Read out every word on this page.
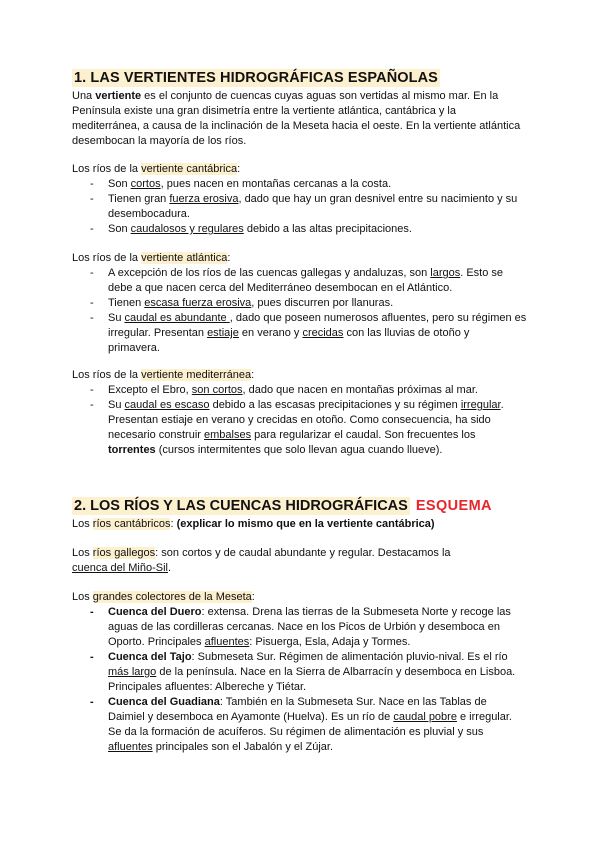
1. LAS VERTIENTES HIDROGRÁFICAS ESPAÑOLAS
Una vertiente es el conjunto de cuencas cuyas aguas son vertidas al mismo mar. En la
Península existe una gran disimetría entre la vertiente atlántica, cantábrica y la
mediterránea, a causa de la inclinación de la Meseta hacia el oeste. En la vertiente atlántica
desembocan la mayoría de los ríos.
Los ríos de la vertiente cantábrica:
- Son cortos, pues nacen en montañas cercanas a la costa.
- Tienen gran fuerza erosiva, dado que hay un gran desnivel entre su nacimiento y su
desembocadura.
- Son caudalosos y regulares debido a las altas precipitaciones.
Los ríos de la vertiente atlántica:
- A excepción de los ríos de las cuencas gallegas y andaluzas, son largos. Esto se
debe a que nacen cerca del Mediterráneo desembocan en el Atlántico.
- Tienen escasa fuerza erosiva, pues discurren por llanuras.
- Su caudal es abundante , dado que poseen numerosos afluentes, pero su régimen es
irregular. Presentan estiaje en verano y crecidas con las lluvias de otoño y
primavera.
Los ríos de la vertiente mediterránea:
- Excepto el Ebro, son cortos, dado que nacen en montañas próximas al mar.
- Su caudal es escaso debido a las escasas precipitaciones y su régimen irregular.
Presentan estiaje en verano y crecidas en otoño. Como consecuencia, ha sido
necesario construir embalses para regularizar el caudal. Son frecuentes los
torrentes (cursos intermitentes que solo llevan agua cuando llueve).
2. LOS RÍOS Y LAS CUENCAS HIDROGRÁFICAS ESQUEMA
Los ríos cantábricos: (explicar lo mismo que en la vertiente cantábrica)
Los ríos gallegos: son cortos y de caudal abundante y regular. Destacamos la
cuenca del Miño-Sil.
Los grandes colectores de la Meseta:
- Cuenca del Duero: extensa. Drena las tierras de la Submeseta Norte y recoge las
aguas de las cordilleras cercanas. Nace en los Picos de Urbión y desemboca en
Oporto. Principales afluentes: Pisuerga, Esla, Adaja y Tormes.
- Cuenca del Tajo: Submeseta Sur. Régimen de alimentación pluvio-nival. Es el río
más largo de la península. Nace en la Sierra de Albarracín y desemboca en Lisboa.
Principales afluentes: Albereche y Tiétar.
- Cuenca del Guadiana: También en la Submeseta Sur. Nace en las Tablas de
Daimiel y desemboca en Ayamonte (Huelva). Es un río de caudal pobre e irregular.
Se da la formación de acuíferos. Su régimen de alimentación es pluvial y sus
afluentes principales son el Jabalón y el Zújar.
